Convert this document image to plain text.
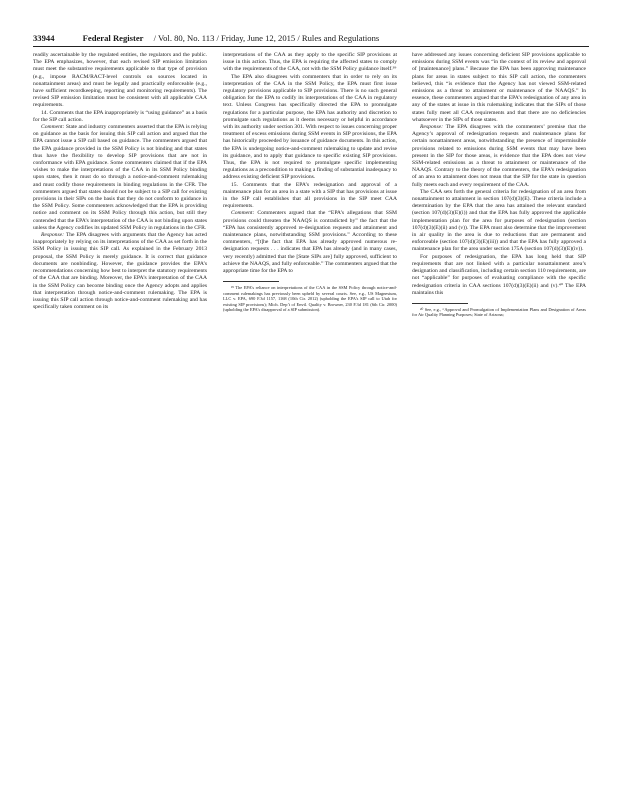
33944	Federal Register / Vol. 80, No. 113 / Friday, June 12, 2015 / Rules and Regulations

readily ascertainable by the regulated entities, the regulators and the public. The EPA emphasizes, however, that each revised SIP emission limitation must meet the substantive requirements applicable to that type of provision (e.g., impose RACM/RACT-level controls on sources located in nonattainment areas) and must be legally and practically enforceable (e.g., have sufficient recordkeeping, reporting and monitoring requirements). The revised SIP emission limitation must be consistent with all applicable CAA requirements.

14. Comments that the EPA inappropriately is “using guidance” as a basis for the SIP call action.

Comment: State and industry commenters asserted that the EPA is relying on guidance as the basis for issuing this SIP call action and argued that the EPA cannot issue a SIP call based on guidance. The commenters argued that the EPA guidance provided in the SSM Policy is not binding and that states thus have the flexibility to develop SIP provisions that are not in conformance with EPA guidance. Some commenters claimed that if the EPA wishes to make the interpretations of the CAA in its SSM Policy binding upon states, then it must do so through a notice-and-comment rulemaking and must codify those requirements in binding regulations in the CFR. The commenters argued that states should not be subject to a SIP call for existing provisions in their SIPs on the basis that they do not conform to guidance in the SSM Policy. Some commenters acknowledged that the EPA is providing notice and comment on its SSM Policy through this action, but still they contended that the EPA’s interpretation of the CAA is not binding upon states unless the Agency codifies its updated SSM Policy in regulations in the CFR.

Response: The EPA disagrees with arguments that the Agency has acted inappropriately by relying on its interpretations of the CAA as set forth in the SSM Policy in issuing this SIP call. As explained in the February 2013 proposal, the SSM Policy is merely guidance. It is correct that guidance documents are nonbinding. However, the guidance provides the EPA’s recommendations concerning how best to interpret the statutory requirements of the CAA that are binding. Moreover, the EPA’s interpretation of the CAA in the SSM Policy can become binding once the Agency adopts and applies that interpretation through notice-and-comment rulemaking. The EPA is issuing this SIP call action through notice-and-comment rulemaking and has specifically taken comment on its

interpretations of the CAA as they apply to the specific SIP provisions at issue in this action. Thus, the EPA is requiring the affected states to comply with the requirements of the CAA, not with the SSM Policy guidance itself.³⁹

The EPA also disagrees with commenters that in order to rely on its interpretation of the CAA in the SSM Policy, the EPA must first issue regulatory provisions applicable to SIP provisions. There is no such general obligation for the EPA to codify its interpretations of the CAA in regulatory text. Unless Congress has specifically directed the EPA to promulgate regulations for a particular purpose, the EPA has authority and discretion to promulgate such regulations as it deems necessary or helpful in accordance with its authority under section 301. With respect to issues concerning proper treatment of excess emissions during SSM events in SIP provisions, the EPA has historically proceeded by issuance of guidance documents. In this action, the EPA is undergoing notice-and-comment rulemaking to update and revise its guidance, and to apply that guidance to specific existing SIP provisions. Thus, the EPA is not required to promulgate specific implementing regulations as a precondition to making a finding of substantial inadequacy to address existing deficient SIP provisions.

15. Comments that the EPA’s redesignation and approval of a maintenance plan for an area in a state with a SIP that has provisions at issue in the SIP call establishes that all provisions in the SIP meet CAA requirements.

Comment: Commenters argued that the “EPA’s allegations that SSM provisions could threaten the NAAQS is contradicted by” the fact that the “EPA has consistently approved re-designation requests and attainment and maintenance plans, notwithstanding SSM provisions.” According to these commenters, “[t]he fact that EPA has already approved numerous re-designation requests . . . indicates that EPA has already (and in many cases, very recently) admitted that the [State SIPs are] fully approved, sufficient to achieve the NAAQS, and fully enforceable.” The commenters argued that the appropriate time for the EPA to

³⁹ The EPA’s reliance on interpretations of the CAA in the SSM Policy through notice-and-comment rulemakings has previously been upheld by several courts. See, e.g., US Magnesium, LLC v. EPA, 690 F.3d 1157, 1168 (10th Cir. 2012) (upholding the EPA’s SIP call to Utah for existing SIP provisions); Mich. Dep’t of Envtl. Quality v. Browner, 230 F.3d 181 (6th Cir. 2000) (upholding the EPA’s disapproval of a SIP submission).

have addressed any issues concerning deficient SIP provisions applicable to emissions during SSM events was “in the context of its review and approval of [maintenance] plans.” Because the EPA has been approving maintenance plans for areas in states subject to this SIP call action, the commenters believed, this “is evidence that the Agency has not viewed SSM-related emissions as a threat to attainment or maintenance of the NAAQS.” In essence, these commenters argued that the EPA’s redesignation of any area in any of the states at issue in this rulemaking indicates that the SIPs of those states fully meet all CAA requirements and that there are no deficiencies whatsoever in the SIPs of those states.

Response: The EPA disagrees with the commenters’ premise that the Agency’s approval of redesignation requests and maintenance plans for certain nonattainment areas, notwithstanding the presence of impermissible provisions related to emissions during SSM events that may have been present in the SIP for those areas, is evidence that the EPA does not view SSM-related emissions as a threat to attainment or maintenance of the NAAQS. Contrary to the theory of the commenters, the EPA’s redesignation of an area to attainment does not mean that the SIP for the state in question fully meets each and every requirement of the CAA.

The CAA sets forth the general criteria for redesignation of an area from nonattainment to attainment in section 107(d)(3)(E). These criteria include a determination by the EPA that the area has attained the relevant standard (section 107(d)(3)(E)(i)) and that the EPA has fully approved the applicable implementation plan for the area for purposes of redesignation (section 107(d)(3)(E)(ii) and (v)). The EPA must also determine that the improvement in air quality in the area is due to reductions that are permanent and enforceable (section 107(d)(3)(E)(iii)) and that the EPA has fully approved a maintenance plan for the area under section 175A (section 107(d)(3)(E)(iv)).

For purposes of redesignation, the EPA has long held that SIP requirements that are not linked with a particular nonattainment area’s designation and classification, including certain section 110 requirements, are not “applicable” for purposes of evaluating compliance with the specific redesignation criteria in CAA sections 107(d)(3)(E)(ii) and (v).⁴⁰ The EPA maintains this

⁴⁰ See, e.g., “Approval and Promulgation of Implementation Plans and Designation of Areas for Air Quality Planning Purposes; State of Arizona;
